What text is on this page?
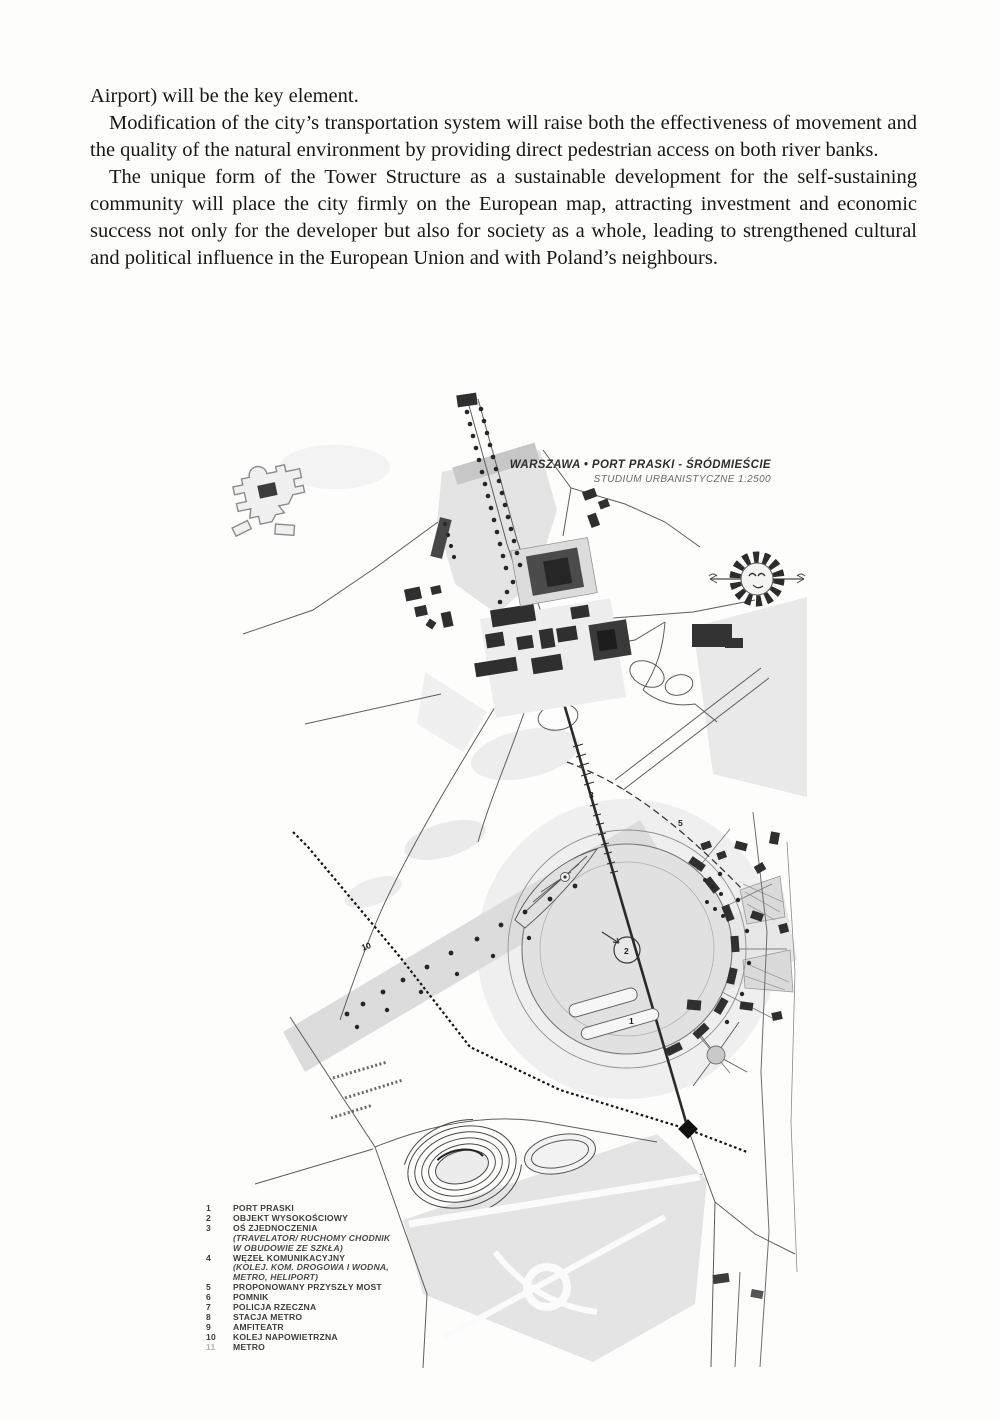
Airport) will be the key element.

Modification of the city’s transportation system will raise both the effectiveness of movement and the quality of the natural environment by providing direct pedestrian access on both river banks.

The unique form of the Tower Structure as a sustainable development for the self-sustaining community will place the city firmly on the European map, attracting investment and economic success not only for the developer but also for society as a whole, leading to strengthened cultural and political influence in the European Union and with Poland’s neighbours.

WARSZAWA • PORT PRASKI - ŚRÓDMIEŚCIE
STUDIUM URBANISTYCZNE 1:2500
3
5
2
1
10
1	PORT PRASKI
2	OBJEKT WYSOKOŚCIOWY
3	OŚ ZJEDNOCZENIA
(TRAVELATOR/ RUCHOMY CHODNIK
W OBUDOWIE ZE SZKŁA)
4	WĘZEŁ KOMUNIKACYJNY
(KOLEJ. KOM. DROGOWA I WODNA,
METRO, HELIPORT)
5	PROPONOWANY PRZYSZŁY MOST
6	POMNIK
7	POLICJA RZECZNA
8	STACJA METRO
9	AMFITEATR
10	KOLEJ NAPOWIETRZNA
11	METRO
